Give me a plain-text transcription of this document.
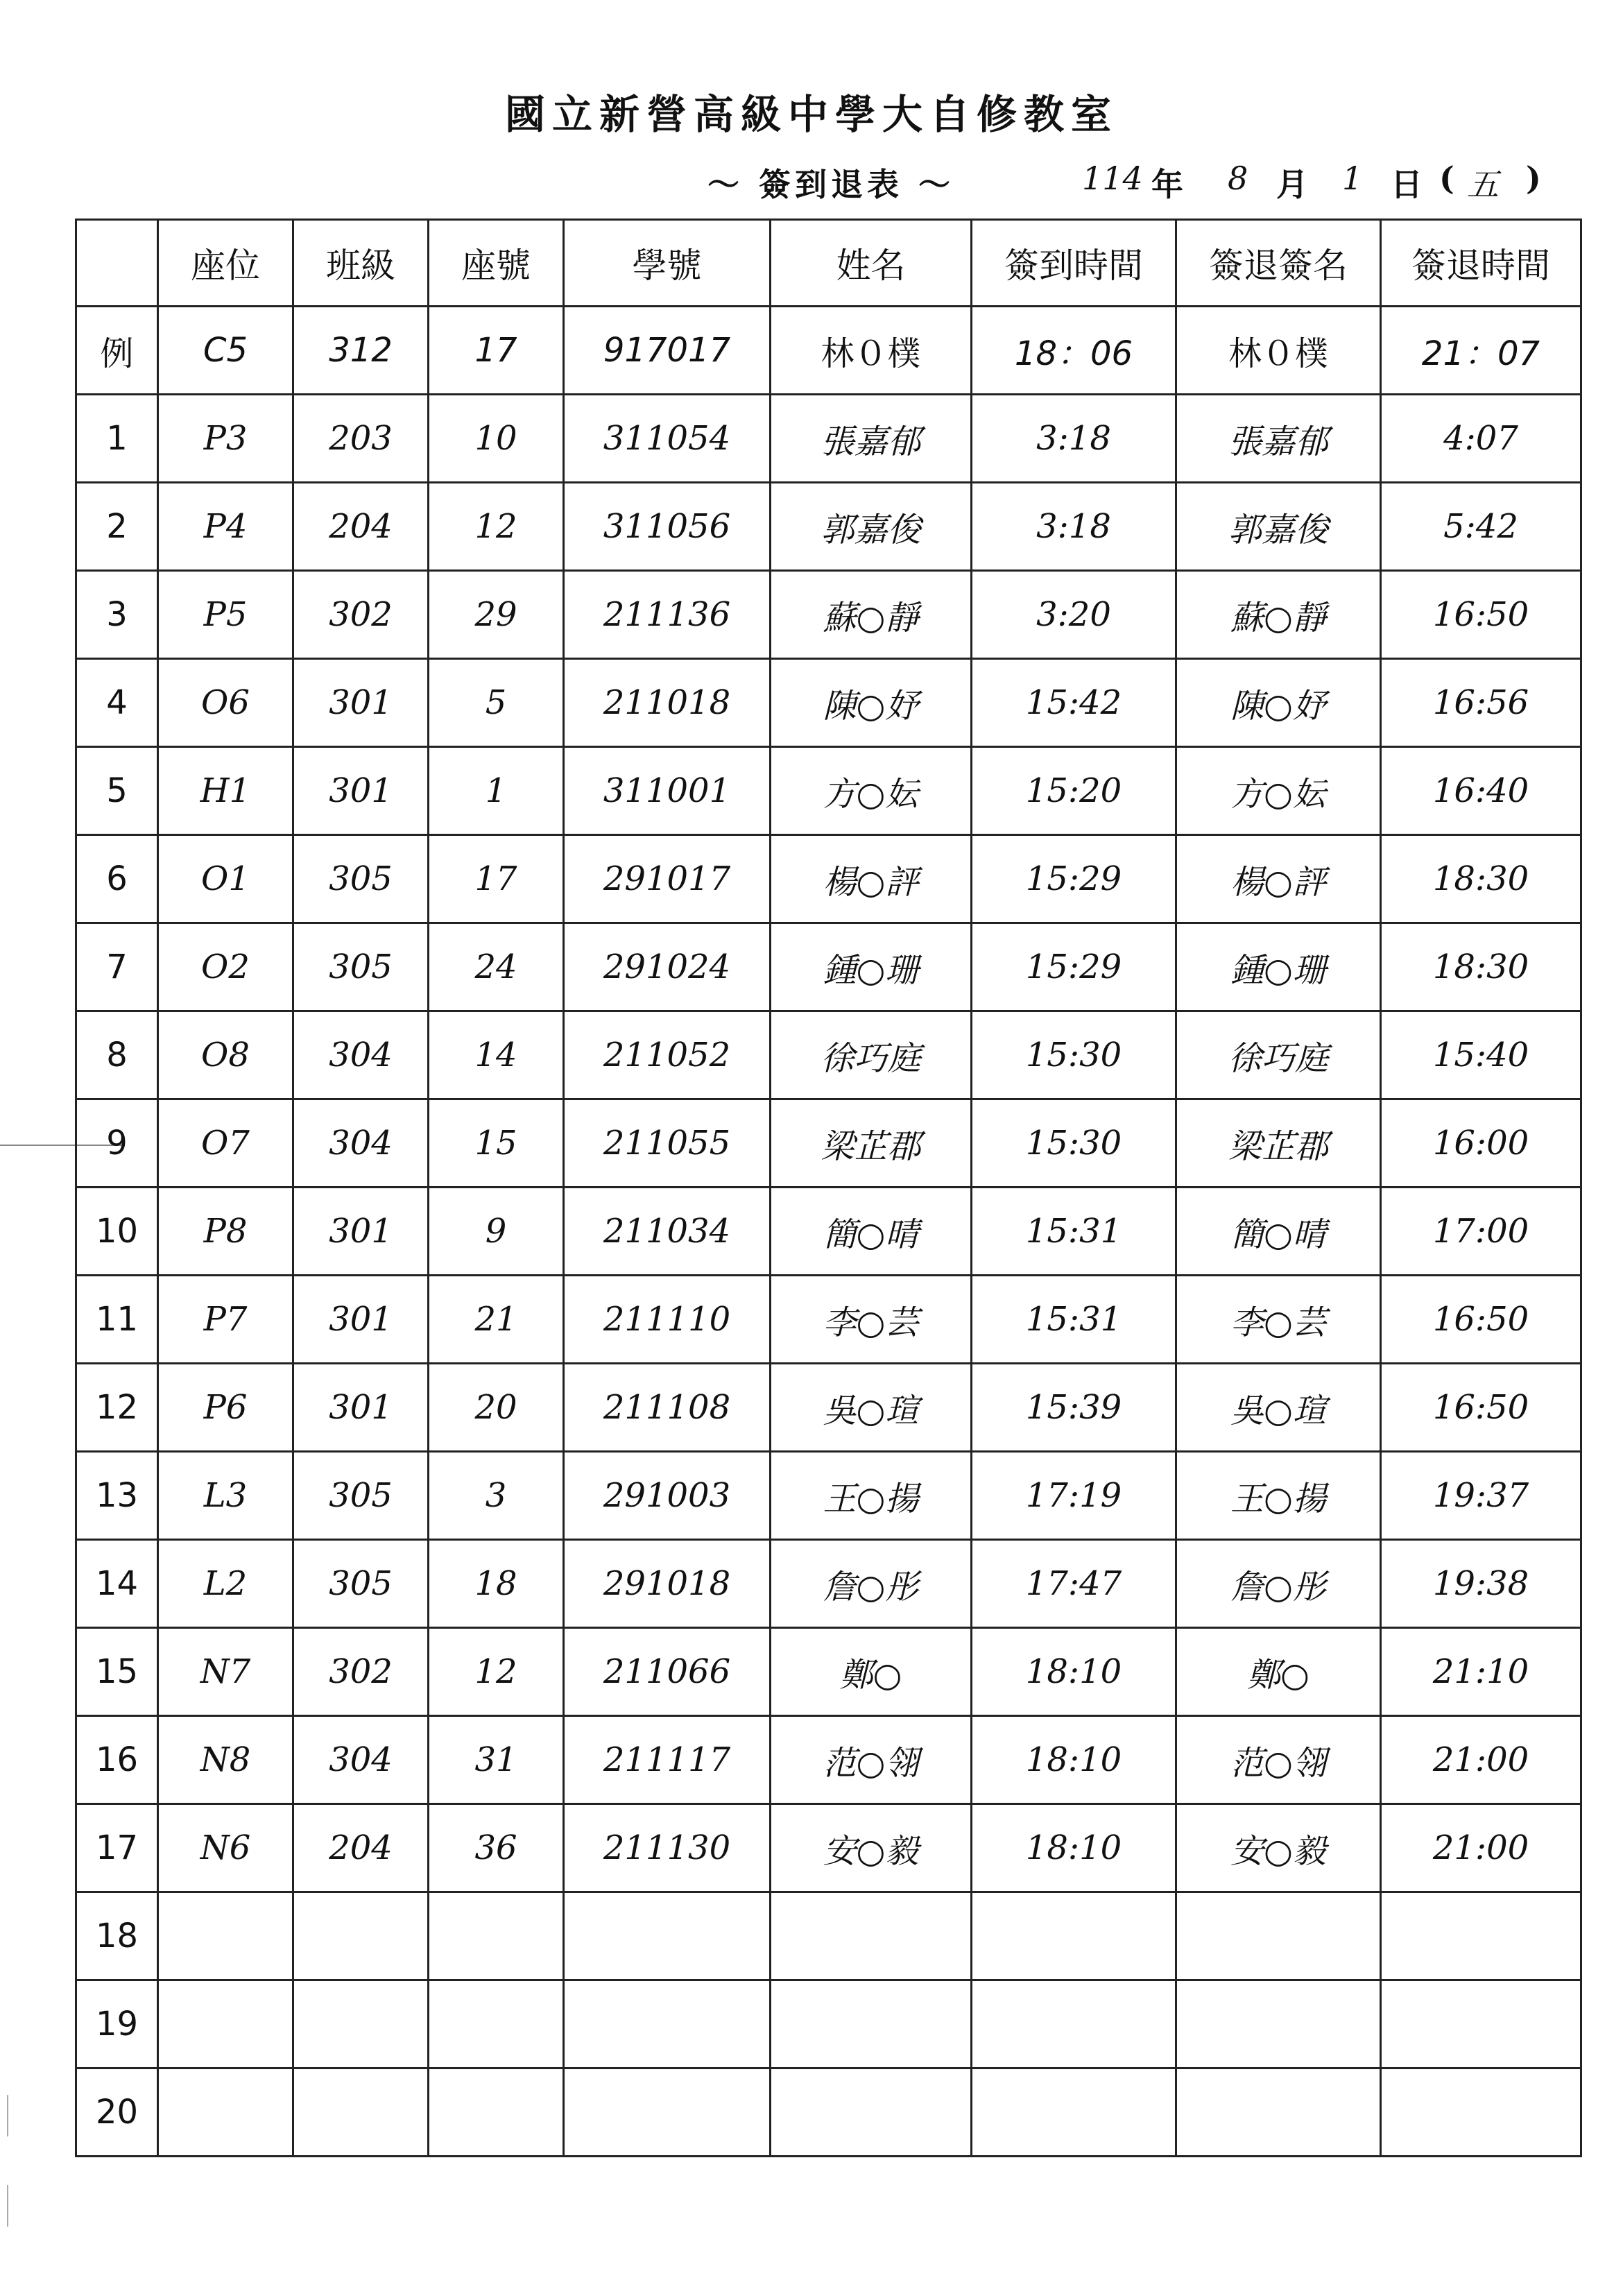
國立新營高級中學大自修教室
～ 簽到退表 ～	114 年 8 月 1 日 ( 五 )
	座位	班級	座號	學號	姓名	簽到時間	簽退簽名	簽退時間
例	C5	312	17	917017	林０樸	18：06	林０樸	21：07
1	P3	203	10	311054	張嘉郁	3:18	張嘉郁	4:07
2	P4	204	12	311056	郭嘉俊	3:18	郭嘉俊	5:42
3	P5	302	29	211136	蘇○靜	3:20	蘇○靜	16:50
4	O6	301	5	211018	陳○妤	15:42	陳○妤	16:56
5	H1	301	1	311001	方○妘	15:20	方○妘	16:40
6	O1	305	17	291017	楊○評	15:29	楊○評	18:30
7	O2	305	24	291024	鍾○珊	15:29	鍾○珊	18:30
8	O8	304	14	211052	徐巧庭	15:30	徐巧庭	15:40
9	O7	304	15	211055	梁芷郡	15:30	梁芷郡	16:00
10	P8	301	9	211034	簡○晴	15:31	簡○晴	17:00
11	P7	301	21	211110	李○芸	15:31	李○芸	16:50
12	P6	301	20	211108	吳○瑄	15:39	吳○瑄	16:50
13	L3	305	3	291003	王○揚	17:19	王○揚	19:37
14	L2	305	18	291018	詹○彤	17:47	詹○彤	19:38
15	N7	302	12	211066	鄭○	18:10	鄭○	21:10
16	N8	304	31	211117	范○翎	18:10	范○翎	21:00
17	N6	204	36	211130	安○毅	18:10	安○毅	21:00
18								
19								
20								
